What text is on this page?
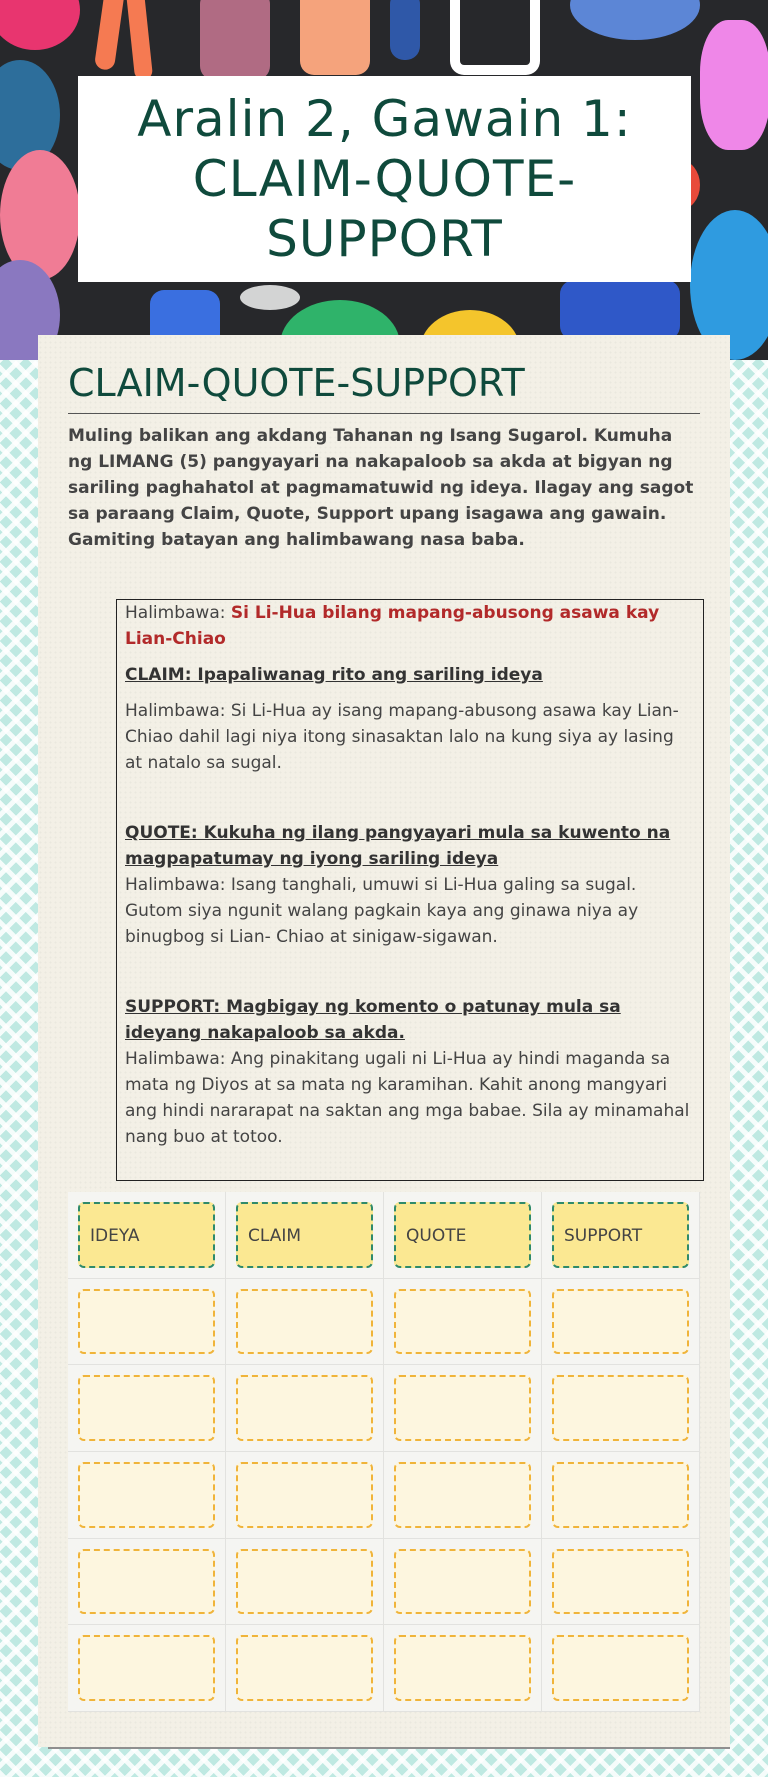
Aralin 2, Gawain 1:
CLAIM-QUOTE-
SUPPORT
CLAIM-QUOTE-SUPPORT
Muling balikan ang akdang Tahanan ng Isang Sugarol. Kumuha ng LIMANG (5) pangyayari na nakapaloob sa akda at bigyan ng sariling paghahatol at pagmamatuwid ng ideya. Ilagay ang sagot sa paraang Claim, Quote, Support upang isagawa ang gawain. Gamiting batayan ang halimbawang nasa baba.

Halimbawa: Si Li-Hua bilang mapang-abusong asawa kay Lian-Chiao

CLAIM: Ipapaliwanag rito ang sariling ideya

Halimbawa: Si Li-Hua ay isang mapang-abusong asawa kay Lian-Chiao dahil lagi niya itong sinasaktan lalo na kung siya ay lasing at natalo sa sugal.

QUOTE: Kukuha ng ilang pangyayari mula sa kuwento na magpapatumay ng iyong sariling ideya

Halimbawa: Isang tanghali, umuwi si Li-Hua galing sa sugal. Gutom siya ngunit walang pagkain kaya ang ginawa niya ay binugbog si Lian- Chiao at sinigaw-sigawan.

SUPPORT: Magbigay ng komento o patunay mula sa ideyang nakapaloob sa akda.

Halimbawa: Ang pinakitang ugali ni Li-Hua ay hindi maganda sa mata ng Diyos at sa mata ng karamihan. Kahit anong mangyari ang hindi nararapat na saktan ang mga babae. Sila ay minamahal nang buo at totoo.

IDEYA	CLAIM	QUOTE	SUPPORT
